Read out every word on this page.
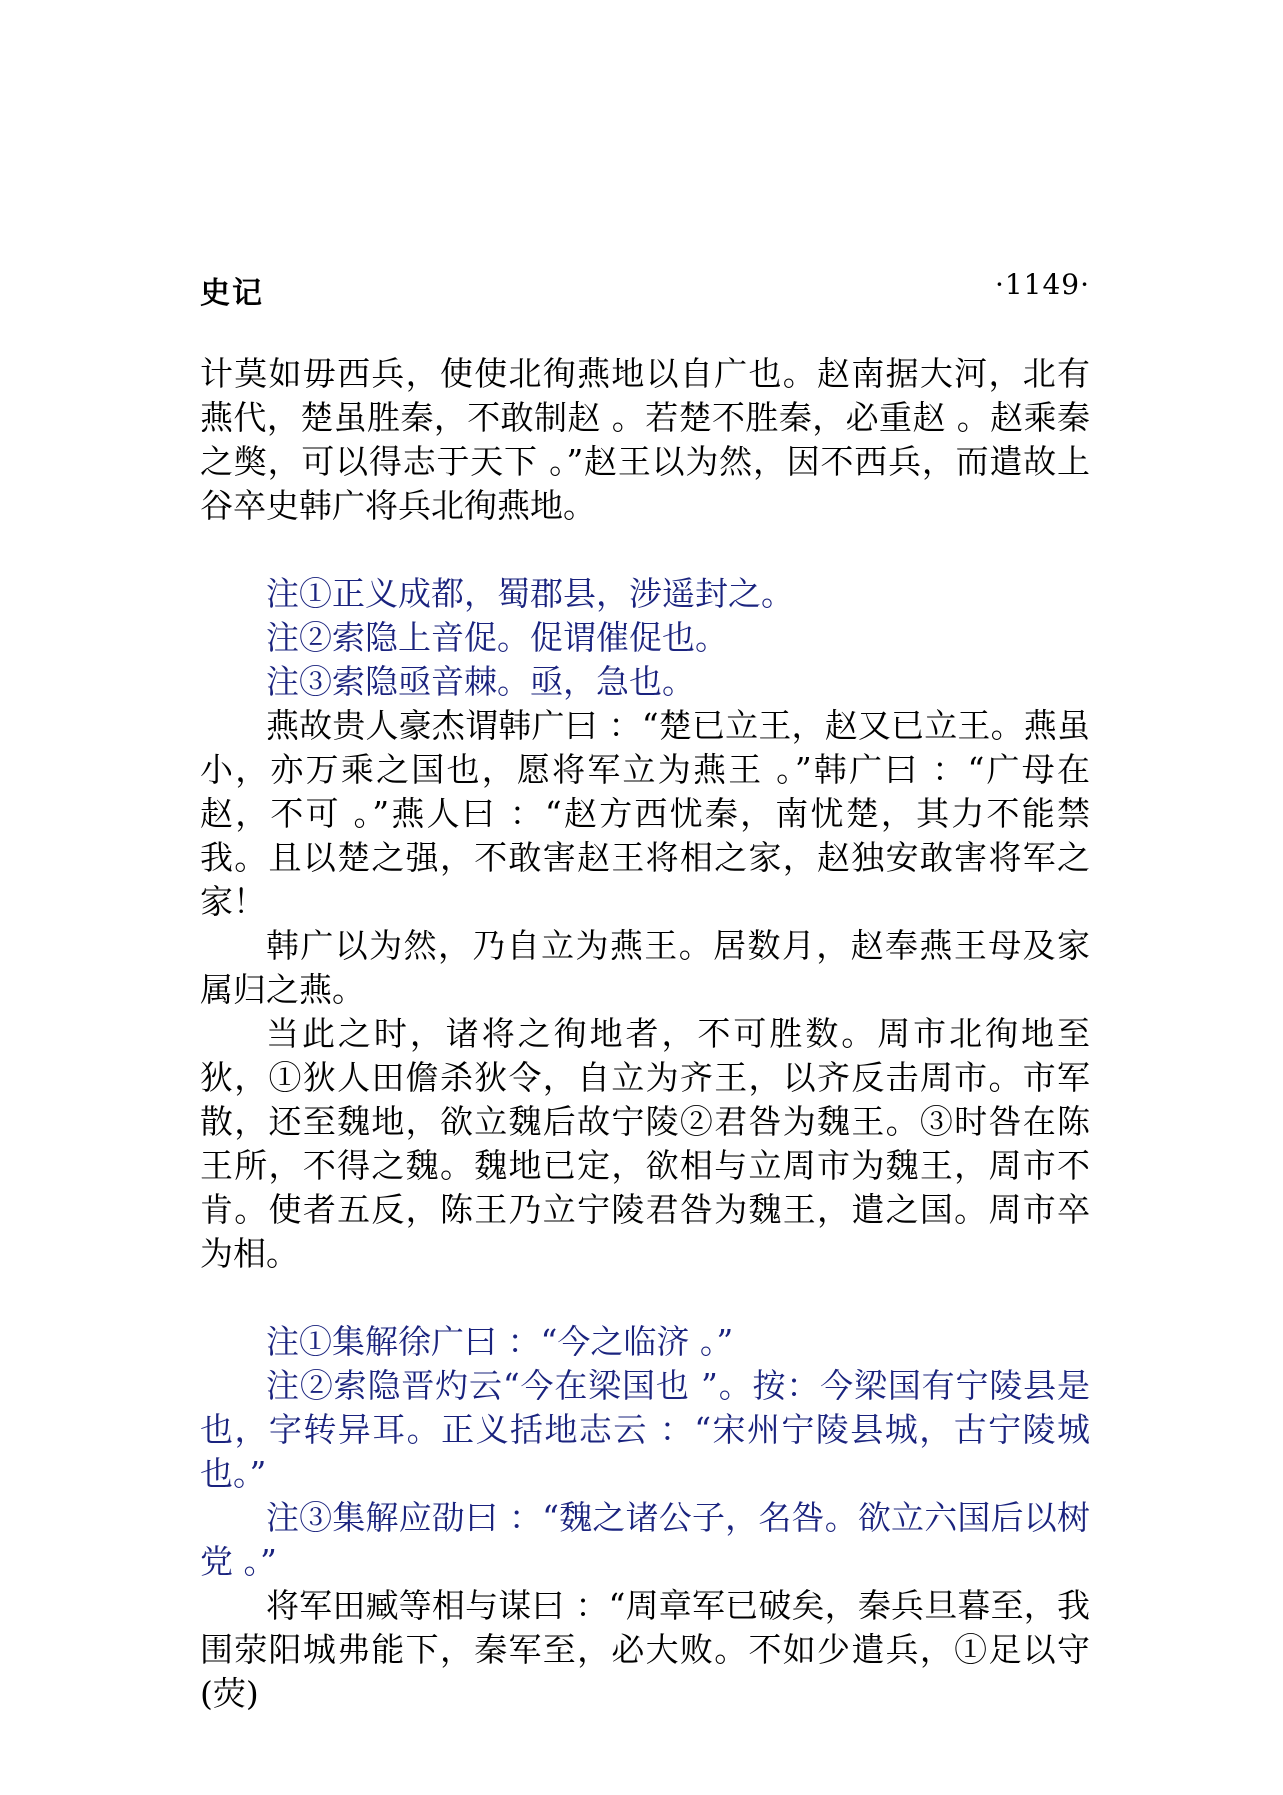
史记	·1149·

计莫如毋西兵，使使北徇燕地以自广也。赵南据大河，北有燕代，楚虽胜秦，不敢制赵 。若楚不胜秦，必重赵 。赵乘秦之獘，可以得志于天下 。”赵王以为然，因不西兵，而遣故上谷卒史韩广将兵北徇燕地。

注①正义成都，蜀郡县，涉遥封之。

注②索隐上音促。促谓催促也。

注③索隐亟音棘。亟，急也。

燕故贵人豪杰谓韩广曰 ：“楚已立王，赵又已立王。燕虽小，亦万乘之国也，愿将军立为燕王 。”韩广曰 ：“广母在赵，不可 。”燕人曰 ：“赵方西忧秦，南忧楚，其力不能禁我。且以楚之强，不敢害赵王将相之家，赵独安敢害将军之家！

韩广以为然，乃自立为燕王。居数月，赵奉燕王母及家属归之燕。

当此之时，诸将之徇地者，不可胜数。周市北徇地至狄，①狄人田儋杀狄令，自立为齐王，以齐反击周市。市军散，还至魏地，欲立魏后故宁陵②君咎为魏王。③时咎在陈王所，不得之魏。魏地已定，欲相与立周市为魏王，周市不肯。使者五反，陈王乃立宁陵君咎为魏王，遣之国。周市卒为相。

注①集解徐广曰 ：“今之临济 。”

注②索隐晋灼云“今在梁国也 ”。按：今梁国有宁陵县是也，字转异耳。正义括地志云 ：“宋州宁陵县城，古宁陵城也。”

注③集解应劭曰 ：“魏之诸公子，名咎。欲立六国后以树党 。”

将军田臧等相与谋曰 ：“周章军已破矣，秦兵旦暮至，我围荥阳城弗能下，秦军至，必大败。不如少遣兵，①足以守(荧)
